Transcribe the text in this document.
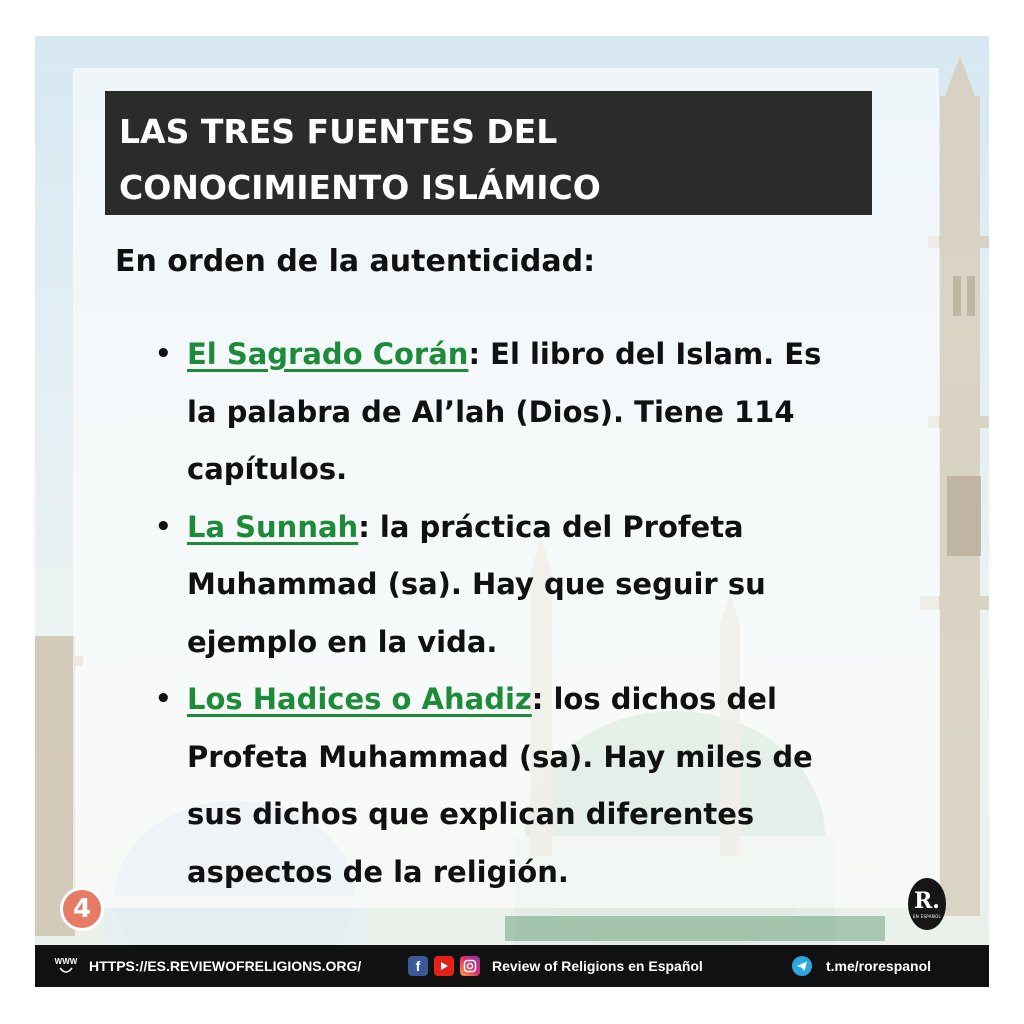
LAS TRES FUENTES DEL CONOCIMIENTO ISLÁMICO

En orden de la autenticidad:

• El Sagrado Corán: El libro del Islam. Es la palabra de Al’lah (Dios). Tiene 114 capítulos.
• La Sunnah: la práctica del Profeta Muhammad (sa). Hay que seguir su ejemplo en la vida.
• Los Hadices o Ahadiz: los dichos del Profeta Muhammad (sa). Hay miles de sus dichos que explican diferentes aspectos de la religión.
4	R.
EN ESPAÑOL
WWW HTTPS://ES.REVIEWOFRELIGIONS.ORG/	f	Review of Religions en Español	t.me/rorespanol
